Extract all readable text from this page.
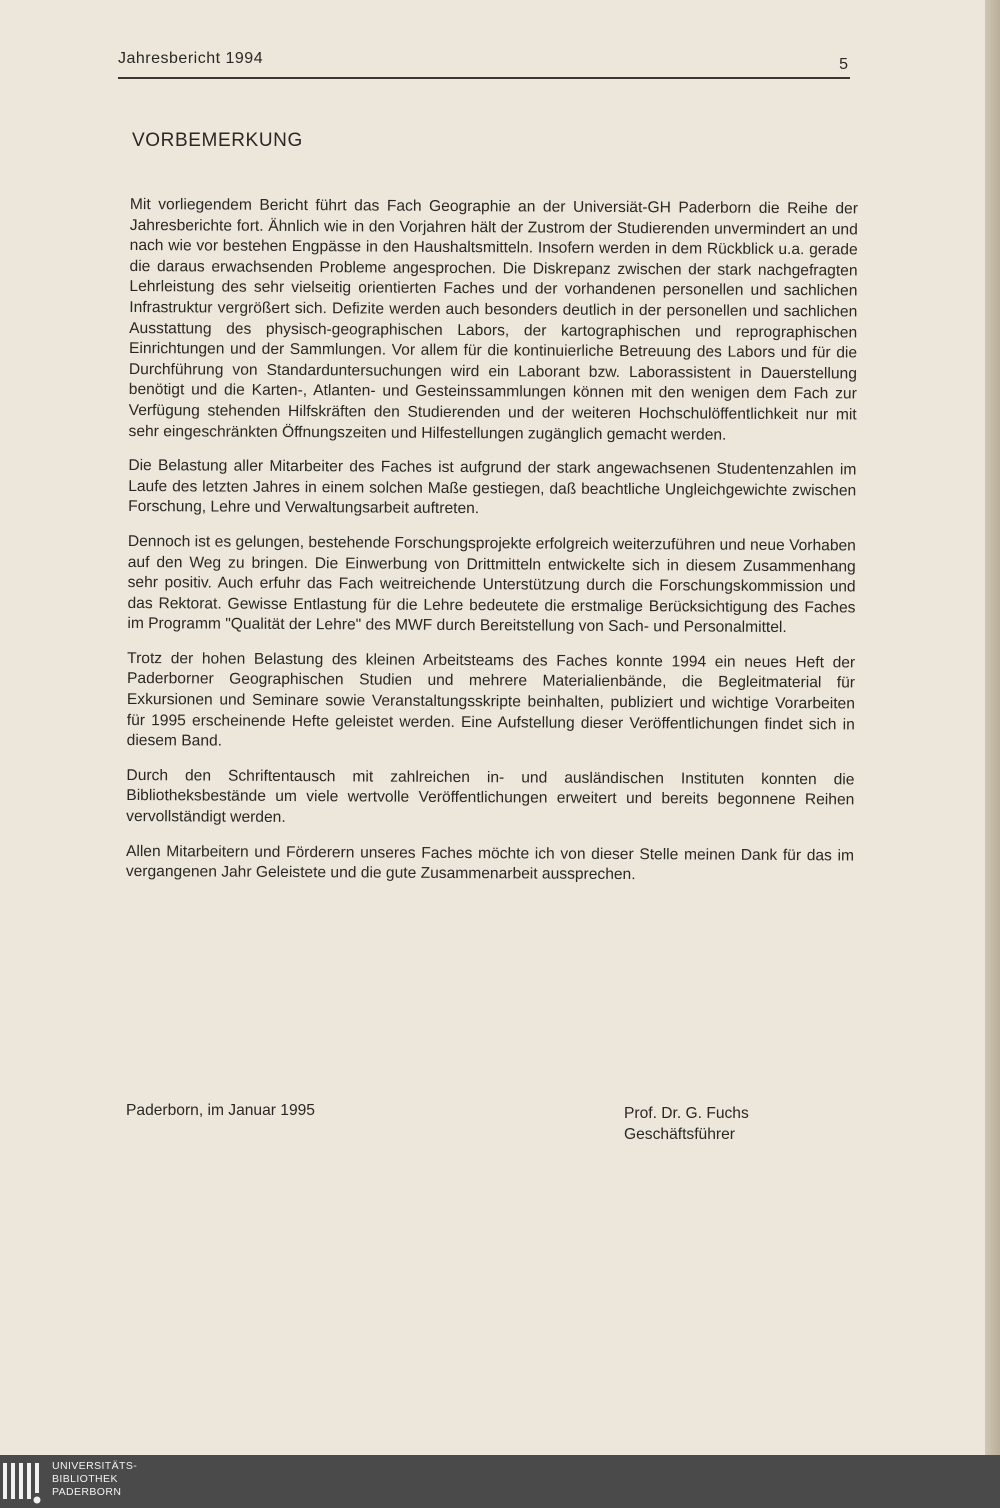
Jahresbericht 1994	5
VORBEMERKUNG

Mit vorliegendem Bericht führt das Fach Geographie an der Universiät-GH Paderborn die Reihe der Jahresberichte fort. Ähnlich wie in den Vorjahren hält der Zustrom der Studierenden unvermindert an und nach wie vor bestehen Engpässe in den Haushaltsmitteln. Insofern werden in dem Rückblick u.a. gerade die daraus erwachsenden Probleme angesprochen. Die Diskrepanz zwischen der stark nachgefragten Lehrleistung des sehr vielseitig orientierten Faches und der vorhandenen personellen und sachlichen Infrastruktur vergrößert sich. Defizite werden auch besonders deutlich in der personellen und sachlichen Ausstattung des physisch-geographischen Labors, der kartographischen und reprographischen Einrichtungen und der Sammlungen. Vor allem für die kontinuierliche Betreuung des Labors und für die Durchführung von Standarduntersuchungen wird ein Laborant bzw. Laborassistent in Dauerstellung benötigt und die Karten-, Atlanten- und Gesteinssammlungen können mit den wenigen dem Fach zur Verfügung stehenden Hilfskräften den Studierenden und der weiteren Hochschulöffentlichkeit nur mit sehr eingeschränkten Öffnungszeiten und Hilfestellungen zugänglich gemacht werden.

Die Belastung aller Mitarbeiter des Faches ist aufgrund der stark angewachsenen Studentenzahlen im Laufe des letzten Jahres in einem solchen Maße gestiegen, daß beachtliche Ungleichgewichte zwischen Forschung, Lehre und Verwaltungsarbeit auftreten.

Dennoch ist es gelungen, bestehende Forschungsprojekte erfolgreich weiterzuführen und neue Vorhaben auf den Weg zu bringen. Die Einwerbung von Drittmitteln entwickelte sich in diesem Zusammenhang sehr positiv. Auch erfuhr das Fach weitreichende Unterstützung durch die Forschungskommission und das Rektorat. Gewisse Entlastung für die Lehre bedeutete die erstmalige Berücksichtigung des Faches im Programm "Qualität der Lehre" des MWF durch Bereitstellung von Sach- und Personalmittel.

Trotz der hohen Belastung des kleinen Arbeitsteams des Faches konnte 1994 ein neues Heft der Paderborner Geographischen Studien und mehrere Materialienbände, die Begleitmaterial für Exkursionen und Seminare sowie Veranstaltungsskripte beinhalten, publiziert und wichtige Vorarbeiten für 1995 erscheinende Hefte geleistet werden. Eine Aufstellung dieser Veröffentlichungen findet sich in diesem Band.

Durch den Schriftentausch mit zahlreichen in- und ausländischen Instituten konnten die Bibliotheksbestände um viele wertvolle Veröffentlichungen erweitert und bereits begonnene Reihen vervollständigt werden.

Allen Mitarbeitern und Förderern unseres Faches möchte ich von dieser Stelle meinen Dank für das im vergangenen Jahr Geleistete und die gute Zusammenarbeit aussprechen.

Paderborn, im Januar 1995	Prof. Dr. G. Fuchs
Geschäftsführer
UNIVERSITÄTS-
BIBLIOTHEK
PADERBORN
